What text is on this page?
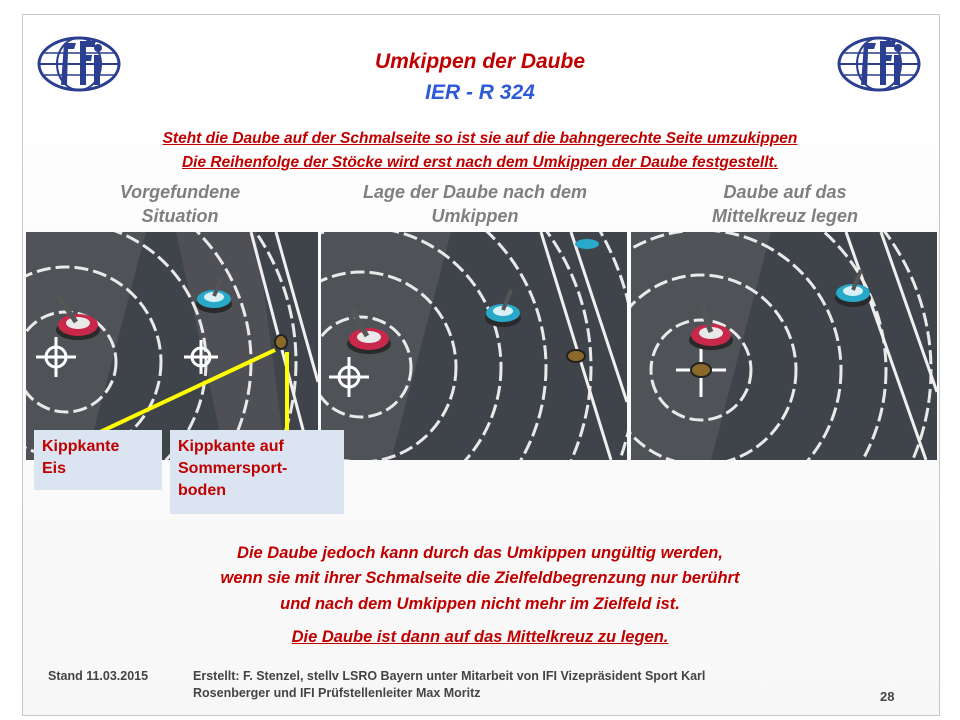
Umkippen der Daube
IER - R 324
Steht die Daube auf der Schmalseite so ist sie auf die bahngerechte Seite umzukippen
Die Reihenfolge der Stöcke wird erst nach dem Umkippen der Daube festgestellt.
Vorgefundene
Situation
Lage der Daube nach dem
Umkippen
Daube auf das
Mittelkreuz legen
Kippkante
Eis
Kippkante auf
Sommersport-
boden
Die Daube jedoch kann durch das Umkippen ungültig werden,
wenn sie mit ihrer Schmalseite die Zielfeldbegrenzung nur berührt
und nach dem Umkippen nicht mehr im Zielfeld ist.
Die Daube ist dann auf das Mittelkreuz zu legen.
Stand 11.03.2015	Erstellt: F. Stenzel, stellv LSRO Bayern unter Mitarbeit von IFI Vizepräsident Sport Karl
Rosenberger und IFI Prüfstellenleiter Max Moritz	28
